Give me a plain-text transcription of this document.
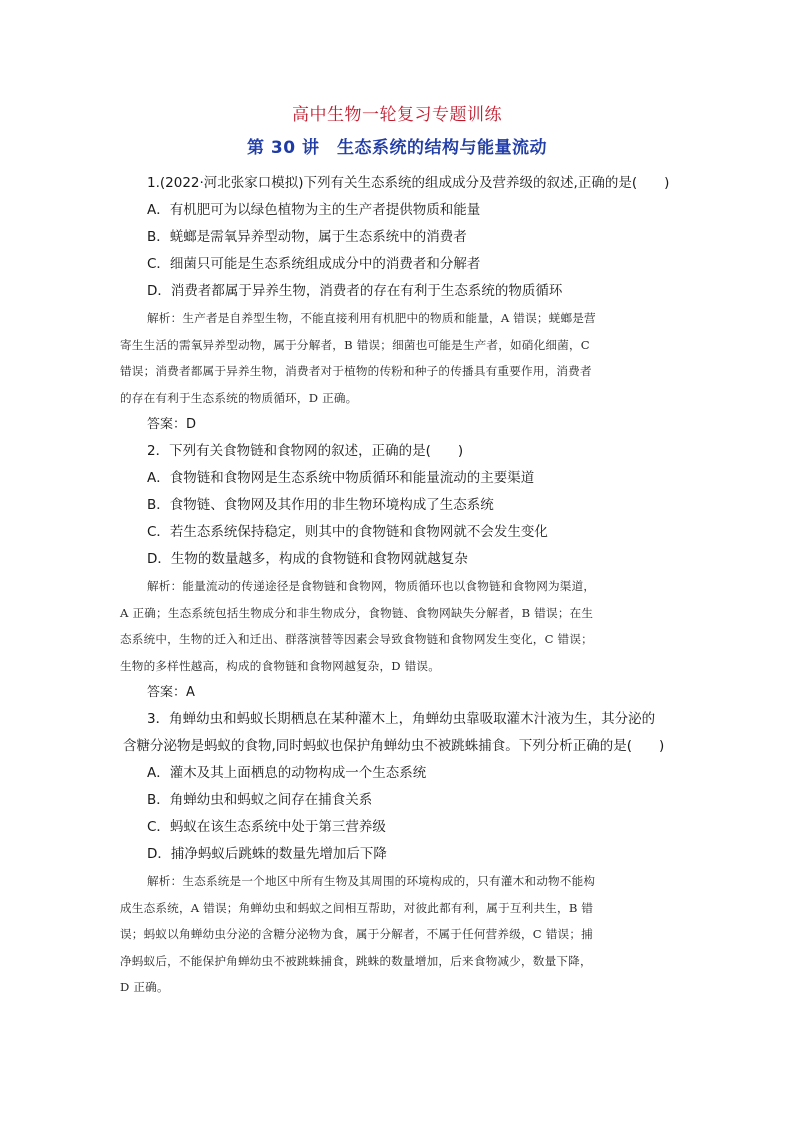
高中生物一轮复习专题训练
第 30 讲　生态系统的结构与能量流动
1.(2022·河北张家口模拟)下列有关生态系统的组成成分及营养级的叙述,正确的是(　　)
A．有机肥可为以绿色植物为主的生产者提供物质和能量
B．蜣螂是需氧异养型动物，属于生态系统中的消费者
C．细菌只可能是生态系统组成成分中的消费者和分解者
D．消费者都属于异养生物，消费者的存在有利于生态系统的物质循环
解析：生产者是自养型生物，不能直接利用有机肥中的物质和能量，A 错误；蜣螂是营
寄生生活的需氧异养型动物，属于分解者，B 错误；细菌也可能是生产者，如硝化细菌，C
错误；消费者都属于异养生物，消费者对于植物的传粉和种子的传播具有重要作用，消费者
的存在有利于生态系统的物质循环，D 正确。
答案：D
2．下列有关食物链和食物网的叙述，正确的是(　　)
A．食物链和食物网是生态系统中物质循环和能量流动的主要渠道
B．食物链、食物网及其作用的非生物环境构成了生态系统
C．若生态系统保持稳定，则其中的食物链和食物网就不会发生变化
D．生物的数量越多，构成的食物链和食物网就越复杂
解析：能量流动的传递途径是食物链和食物网，物质循环也以食物链和食物网为渠道，
A 正确；生态系统包括生物成分和非生物成分，食物链、食物网缺失分解者，B 错误；在生
态系统中，生物的迁入和迁出、群落演替等因素会导致食物链和食物网发生变化，C 错误；
生物的多样性越高，构成的食物链和食物网越复杂，D 错误。
答案：A
3．角蝉幼虫和蚂蚁长期栖息在某种灌木上，角蝉幼虫靠吸取灌木汁液为生，其分泌的
含糖分泌物是蚂蚁的食物,同时蚂蚁也保护角蝉幼虫不被跳蛛捕食。下列分析正确的是(　　)
A．灌木及其上面栖息的动物构成一个生态系统
B．角蝉幼虫和蚂蚁之间存在捕食关系
C．蚂蚁在该生态系统中处于第三营养级
D．捕净蚂蚁后跳蛛的数量先增加后下降
解析：生态系统是一个地区中所有生物及其周围的环境构成的，只有灌木和动物不能构
成生态系统，A 错误；角蝉幼虫和蚂蚁之间相互帮助，对彼此都有利，属于互利共生，B 错
误；蚂蚁以角蝉幼虫分泌的含糖分泌物为食，属于分解者，不属于任何营养级，C 错误；捕
净蚂蚁后，不能保护角蝉幼虫不被跳蛛捕食，跳蛛的数量增加，后来食物减少，数量下降，
D 正确。
